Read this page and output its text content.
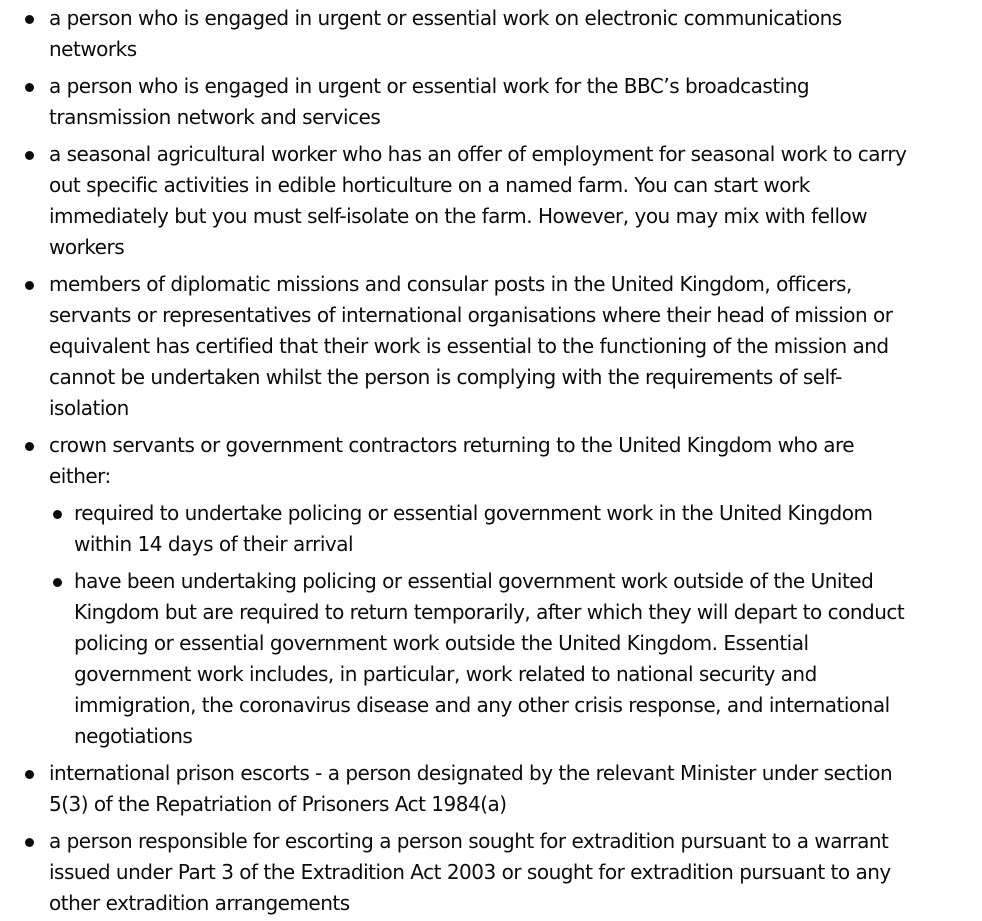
a person who is engaged in urgent or essential work on electronic communications networks
a person who is engaged in urgent or essential work for the BBC’s broadcasting transmission network and services
a seasonal agricultural worker who has an offer of employment for seasonal work to carry out specific activities in edible horticulture on a named farm. You can start work immediately but you must self-isolate on the farm. However, you may mix with fellow workers
members of diplomatic missions and consular posts in the United Kingdom, officers, servants or representatives of international organisations where their head of mission or equivalent has certified that their work is essential to the functioning of the mission and cannot be undertaken whilst the person is complying with the requirements of self-isolation
crown servants or government contractors returning to the United Kingdom who are either:
required to undertake policing or essential government work in the United Kingdom within 14 days of their arrival
have been undertaking policing or essential government work outside of the United Kingdom but are required to return temporarily, after which they will depart to conduct policing or essential government work outside the United Kingdom. Essential government work includes, in particular, work related to national security and immigration, the coronavirus disease and any other crisis response, and international negotiations
international prison escorts - a person designated by the relevant Minister under section 5(3) of the Repatriation of Prisoners Act 1984(a)
a person responsible for escorting a person sought for extradition pursuant to a warrant issued under Part 3 of the Extradition Act 2003 or sought for extradition pursuant to any other extradition arrangements
